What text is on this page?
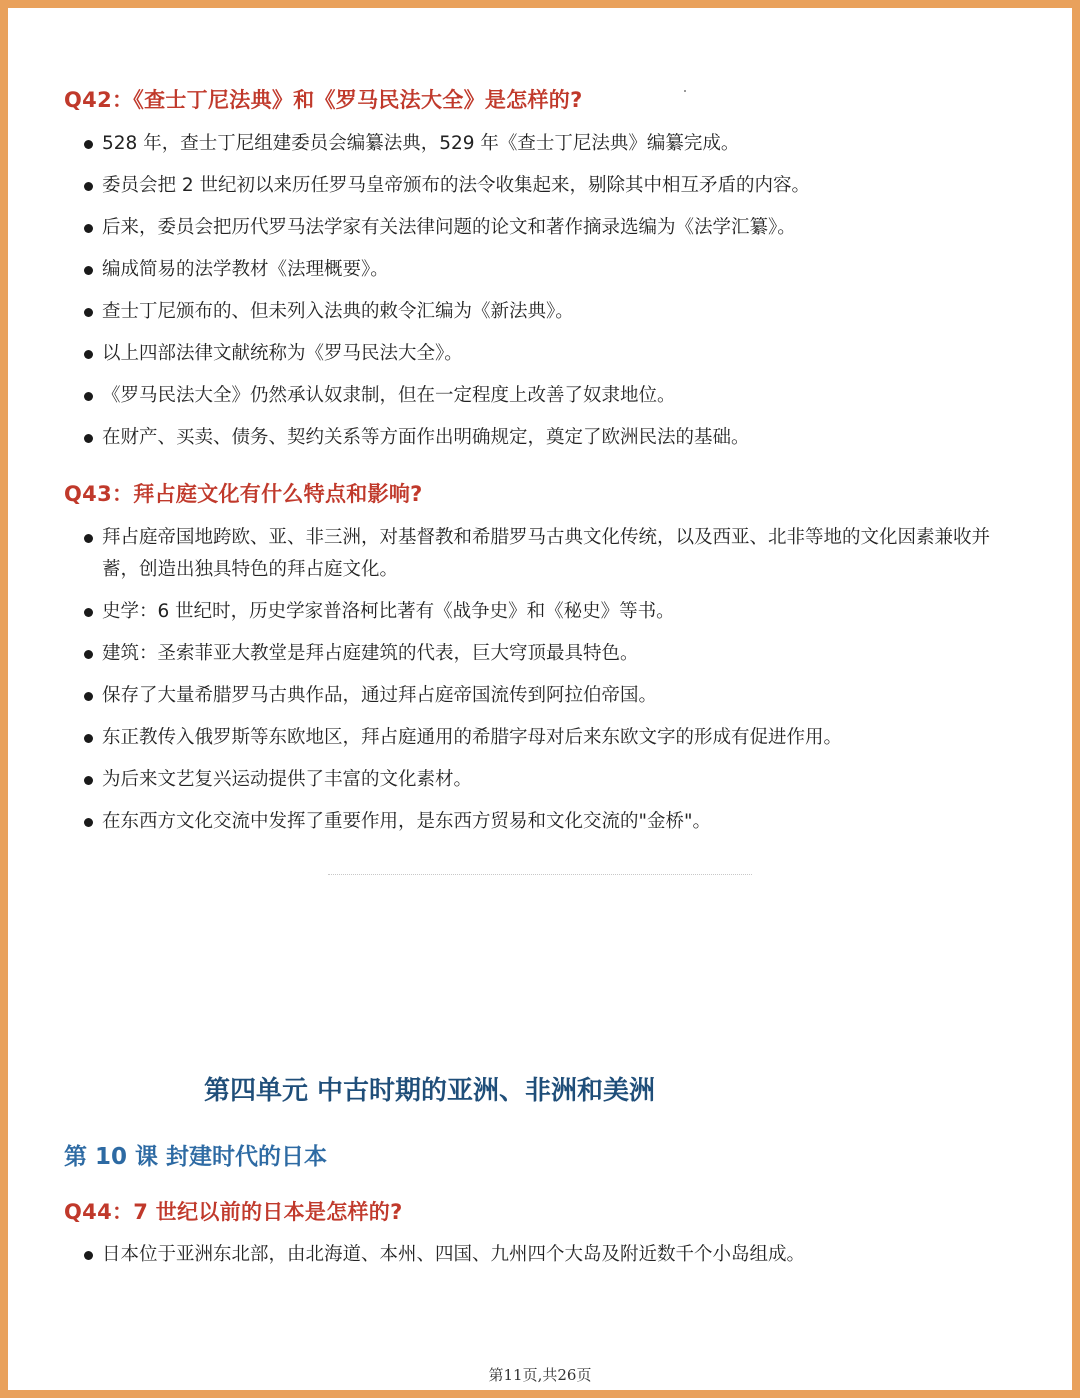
Q42：《查士丁尼法典》和《罗马民法大全》是怎样的?
528 年，查士丁尼组建委员会编纂法典，529 年《查士丁尼法典》编纂完成。
委员会把 2 世纪初以来历任罗马皇帝颁布的法令收集起来，剔除其中相互矛盾的内容。
后来，委员会把历代罗马法学家有关法律问题的论文和著作摘录选编为《法学汇纂》。
编成简易的法学教材《法理概要》。
查士丁尼颁布的、但未列入法典的敕令汇编为《新法典》。
以上四部法律文献统称为《罗马民法大全》。
《罗马民法大全》仍然承认奴隶制，但在一定程度上改善了奴隶地位。
在财产、买卖、债务、契约关系等方面作出明确规定，奠定了欧洲民法的基础。
Q43：拜占庭文化有什么特点和影响?
拜占庭帝国地跨欧、亚、非三洲，对基督教和希腊罗马古典文化传统，以及西亚、北非等地的文化因素兼收并蓄，创造出独具特色的拜占庭文化。
史学：6 世纪时，历史学家普洛柯比著有《战争史》和《秘史》等书。
建筑：圣索菲亚大教堂是拜占庭建筑的代表，巨大穹顶最具特色。
保存了大量希腊罗马古典作品，通过拜占庭帝国流传到阿拉伯帝国。
东正教传入俄罗斯等东欧地区，拜占庭通用的希腊字母对后来东欧文字的形成有促进作用。
为后来文艺复兴运动提供了丰富的文化素材。
在东西方文化交流中发挥了重要作用，是东西方贸易和文化交流的"金桥"。
第四单元 中古时期的亚洲、非洲和美洲
第 10 课 封建时代的日本
Q44：7 世纪以前的日本是怎样的?
日本位于亚洲东北部，由北海道、本州、四国、九州四个大岛及附近数千个小岛组成。
第11页,共26页
